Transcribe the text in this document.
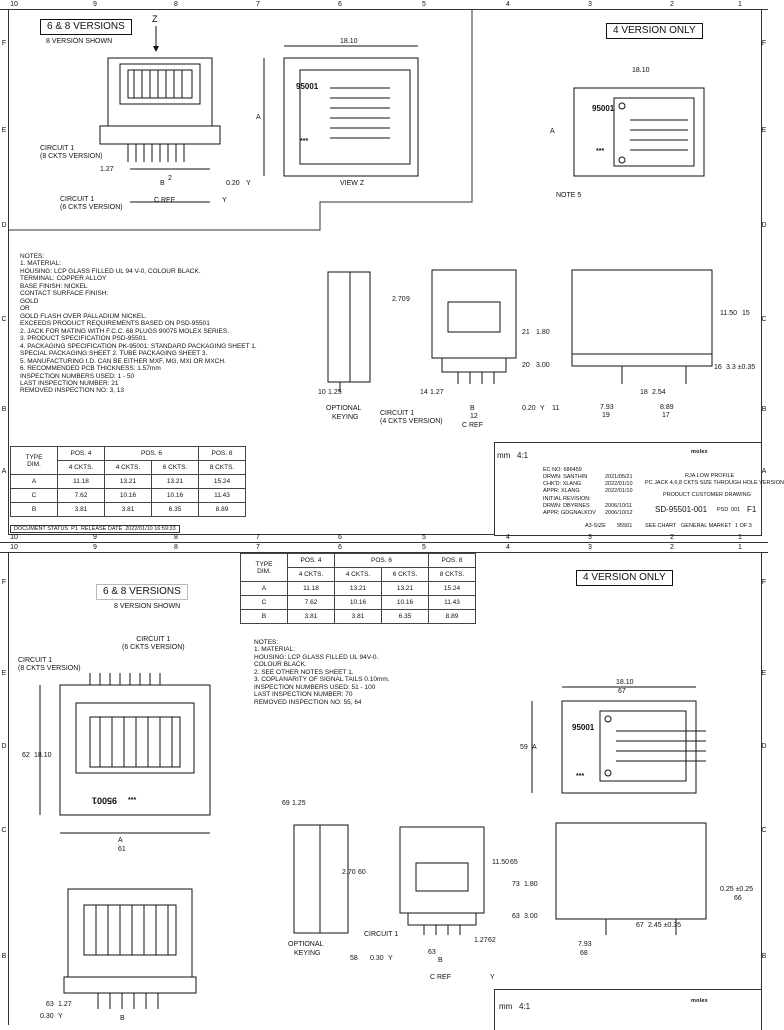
10	9	8	7	6	5	4	3	2	1
F
E
D
C
B
A
F
E
D
C
B
A
6 & 8 VERSIONS
8 VERSION SHOWN
4 VERSION ONLY
Z
CIRCUIT 1
(8 CKTS VERSION)
CIRCUIT 1
(6 CKTS VERSION)
1.27
B
2
0.20 Y
C REF	Y
18.10
A
95001
***
VIEW Z
18.10
A
95001
***
NOTE 5
NOTES:
1. MATERIAL:
HOUSING: LCP GLASS FILLED UL 94 V-0, COLOUR BLACK.
TERMINAL: COPPER ALLOY
BASE FINISH: NICKEL
CONTACT SURFACE FINISH:
GOLD
OR
GOLD FLASH OVER PALLADIUM NICKEL.
EXCEEDS PRODUCT REQUIREMENTS BASED ON PSD-95501
2. JACK FOR MATING WITH F.C.C. 68 PLUGS 90075 MOLEX SERIES.
3. PRODUCT SPECIFICATION PSD-95501.
4. PACKAGING SPECIFICATION PK-95001: STANDARD PACKAGING SHEET 1.
SPECIAL PACKAGING SHEET 2. TUBE PACKAGING SHEET 3.
5. MANUFACTURING I.D. CAN BE EITHER MXF, MG, MXI OR MXCH.
6. RECOMMENDED PCB THICKNESS: 1.57mm
INSPECTION NUMBERS USED: 1 - 50
LAST INSPECTION NUMBER: 21
REMOVED INSPECTION NO: 3, 13
2.70 9
10 1.25
OPTIONAL
KEYING
14 1.27
CIRCUIT 1
(4 CKTS VERSION)
B
12
0.20 Y 11
C REF
21 1.80
20 3.00
11.50 15
16 3.3 ±0.35
18 2.54
7.93
19
8.89
17
TYPE
DIM.	POS. 4	POS. 6		POS. 8
	4 CKTS.	4 CKTS.	6 CKTS.	8 CKTS.
A	11.18	13.21	13.21	15.24
C	7.62	10.16	10.16	11.43
B	3.81	3.81	6.35	8.89
DOCUMENT STATUS P1 RELEASE DATE 2022/01/10 16:59:33
mm 4:1
EC NO: 686459
DRWN: SANTHIN	2021/05/21
CHK'D: XLANG	2022/01/10
APPR: XLANG	2022/01/10
INITIAL REVISION:
DRWN: DBYRNES	2006/10/11
APPR: GDGNALKOV 2006/10/12
molex
RJA LOW PROFILE
PC JACK 4,6,8 CKTS SIZE THROUGH HOLE VERSION
PRODUCT CUSTOMER DRAWING
SD-95501-001 PSD 001 F1
A3-SIZE 95501 SEE CHART GENERAL MARKET 1 OF 3
10	9	8	7	6	5	4	3	2	1
10	9	8	7	6	5	4	3	2	1
F
E
D
C
B
F
E
D
C
B
TYPE
DIM.	POS. 4	POS. 6		POS. 8
	4 CKTS.	4 CKTS.	6 CKTS.	8 CKTS.
A	11.18	13.21	13.21	15.24
C	7.62	10.16	10.16	11.43
B	3.81	3.81	6.35	8.89
6 & 8 VERSIONS
8 VERSION SHOWN
4 VERSION ONLY
CIRCUIT 1
(6 CKTS VERSION)
CIRCUIT 1
(8 CKTS VERSION)
62 18.10
95001 ***
A
61
NOTES:
1. MATERIAL:
HOUSING: LCP GLASS FILLED UL 94V-0.
COLOUR BLACK.
2. SEE OTHER NOTES SHEET 1.
3. COPLANARITY OF SIGNAL TAILS 0.10mm.
INSPECTION NUMBERS USED: 51 - 100
LAST INSPECTION NUMBER: 70
REMOVED INSPECTION NO: 55, 64
18.10
67
59 A
95001
***
69 1.25
2.70 60
11.50 65
73 1.80
63 3.00
0.25 ±0.25
66
67 2.45 ±0.35
7.93
68
OPTIONAL
KEYING
CIRCUIT 1
63
1.27 62
58 0.30 Y	B
C REF	Y
63 1.27
0.30 Y	B
mm 4:1
molex
